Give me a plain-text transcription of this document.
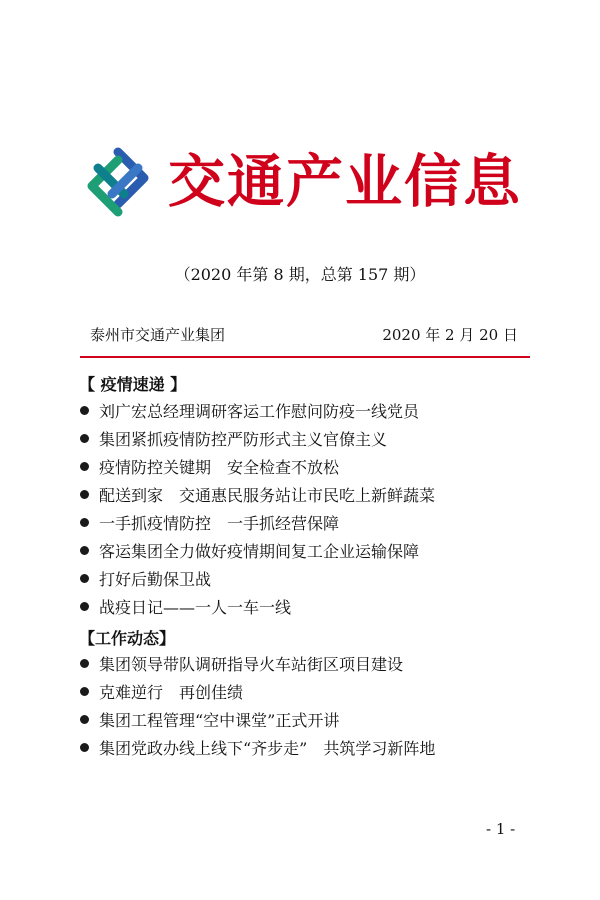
交通产业信息
（2020 年第 8 期，总第 157 期）
泰州市交通产业集团	2020 年 2 月 20 日
【 疫情速递 】
刘广宏总经理调研客运工作慰问防疫一线党员
集团紧抓疫情防控严防形式主义官僚主义
疫情防控关键期　安全检查不放松
配送到家　交通惠民服务站让市民吃上新鲜蔬菜
一手抓疫情防控　一手抓经营保障
客运集团全力做好疫情期间复工企业运输保障
打好后勤保卫战
战疫日记——一人一车一线
【工作动态】
集团领导带队调研指导火车站街区项目建设
克难逆行　再创佳绩
集团工程管理“空中课堂”正式开讲
集团党政办线上线下“齐步走”　共筑学习新阵地
- 1 -
